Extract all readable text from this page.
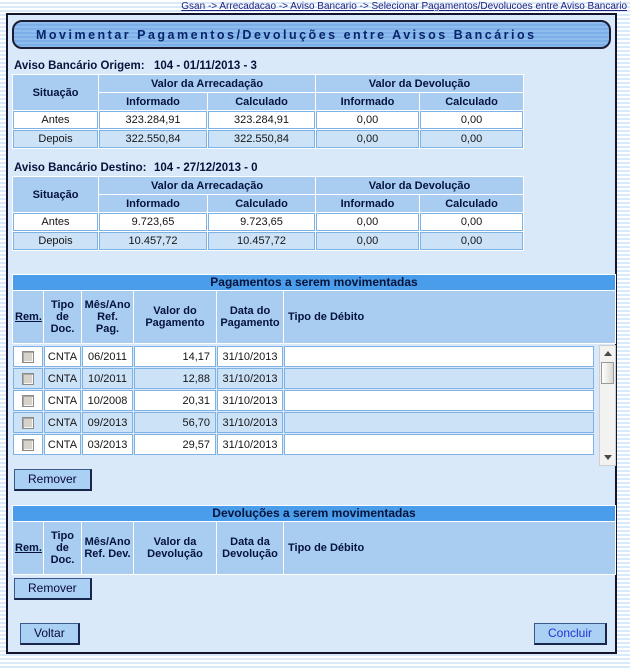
Gsan -> Arrecadacao -> Aviso Bancario -> Selecionar Pagamentos/Devolucoes entre Aviso Bancario
Movimentar Pagamentos/Devoluções entre Avisos Bancários
Aviso Bancário Origem: 104 - 01/11/2013 - 3
Situação	Valor da Arrecadação		Valor da Devolução	
	Informado	Calculado	Informado	Calculado
Antes	323.284,91	323.284,91	0,00	0,00
Depois	322.550,84	322.550,84	0,00	0,00
Aviso Bancário Destino: 104 - 27/12/2013 - 0
Situação	Valor da Arrecadação		Valor da Devolução	
	Informado	Calculado	Informado	Calculado
Antes	9.723,65	9.723,65	0,00	0,00
Depois	10.457,72	10.457,72	0,00	0,00
Pagamentos a serem movimentadas
Rem.	Tipo de Doc.	Mês/Ano Ref. Pag.	Valor do Pagamento	Data do Pagamento	Tipo de Débito
	CNTA	06/2011	14,17	31/10/2013	
	CNTA	10/2011	12,88	31/10/2013	
	CNTA	10/2008	20,31	31/10/2013	
	CNTA	09/2013	56,70	31/10/2013	
	CNTA	03/2013	29,57	31/10/2013	
Remover
Devoluções a serem movimentadas
Rem.	Tipo de Doc.	Mês/Ano Ref. Dev.	Valor da Devolução	Data da Devolução	Tipo de Débito
Remover
Voltar	Concluir
